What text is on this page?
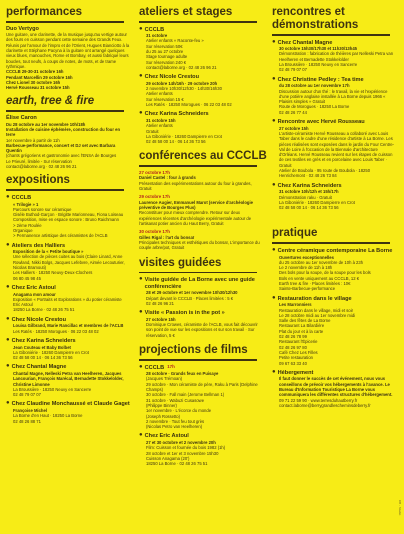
performances
Duo Vertygo
Une guitare, une clarinette, de la musique jusqu'au vertige autour des fours en cuisson pendant cette semaine des Grands Feux. Réunis par l'amour de l'impro et de l'Orient, Hugues Bianciotto à la clarinette et Stéphane Pacyna à la guitare ont arrangé quelques vieux blues, manouches, Rome et Bombay, et aussi fabriqué leurs boucles, tout neufs, à coups de notes, de mots, et de trame rythmique.
CCCLB 29-30-31 octobre 16h
Pendant Marcellin 29 octobre 16h
Chez Lionel 30 octobre 16h
Hervé Rousseau 31 octobre 15h
earth, tree & fire
Élise Caron
Du 28 octobre au 1er novembre 10h/18h
Installation de cuisine éphémère, construction du four en terre
1er novembre à partir de 11h
Barbecue-performance, concert et DJ set avec Barbara Quentin
(chants grégoriens et gastronomie avec l'ENSA de Bourges
Le Prieuré, limitée - Sur réservation
contact@laborne.org · 02 48 26 96 21
expositions
● CCCLB
« Trilogie » 1
Parcours sonore sur céramique
Gisèle Buthod-Garçon · Brigitte Marionneau, Fiona Loiseau
Composition, mise en espace sonore : Bruno Raichmann
> 2ème Roulée
Organique
> Permanence artistique des céramistes de l'ACLB
● Ateliers des Halliers
Exposition de la « Petite boutique »
Une sélection de pièces cuites au bois (Claire Linard, Anne Rowland, Nikki Bolgs, Jacques Lefebvre, Aimée Lecouturier, Nicolas Bramouti)
Les Halliers · 18250 Neuvy-Deux-Clochers
06 80 45 98 45
● Chez Eric Astoul
Anagama mon amour
Exposition « Portraits et Explorations » du potier céramiste Eric Astoul
18250 La Borne · 02 48 26 75 51
● Chez Nicole Crestou
Louisa Gilbrand, Marie Rancillac et membres de l'ACLB
Les Ratés · 18250 Morogues · 06 22 03 48 02
● Chez Karina Schneiders
Jean Couteau et Baby Bolbet
La Giboniérie · 18260 Dampierre en Crot
02 48 58 00 14 · 06 14 36 73 56
● Chez Chantal Magne
Chantal Magne, Nelleski Petra van Heelheren, Jacques Lancourian, François Marécal, Bernadette Stokkelolder, Christine Limonne
La Broussière · 18250 Neuvy en Sancerre
02 48 79 07 07
● Chez Claudine Monchaussé et Claude Gaget
Françoise Michel
La Borne d'en Haut · 18250 La Borne
02 48 26 88 71
ateliers et stages
● CCCLB
31 octobre
Atelier enfants « Raconte-feu »
Sur réservation 50€
du 25 au 27 octobre
Stage tournage adulte
Sur réservation 240 €
contact@laborne.org · 02 48 26 96 21
● Chez Nicole Crestou
29 octobre 14h/16h · 29 octobre 20h
2 novembre 10h30/12h30 · 14h30/16h30
Atelier enfants
Sur réservation 15 €
Les Ratés · 18250 Morogues · 06 22 03 48 02
● Chez Karina Schneiders
31 octobre 15h
Atelier enfants
Gratuit
La Giboniérie · 18260 Dampierre en Crot
02 48 58 00 14 · 06 14 36 73 56
conférences au CCCLB
27 octobre 17h
Daniel Castel : four à grands
Présentation des expérimentations autour du four à grandes, Gratuit
29 octobre 17h
Laurence Augier, Emmanuel Marot (service d'archéologie préventive de Bourges Plus)
Reconstituer pour mieux comprendre. Retour sur deux expériences récentes d'archéologie expérimentale autour de l'artisanat potier ancien du Haut Berry, Gratuit
30 octobre 17h
Gilles Rigal : l'art du bonsaï
Principales techniques et esthétiques du bonsaï, L'importance du couple arbre/pot, Gratuit
visites guidées
● Visite guidée de La Borne avec une guide conférencière
28 et 29 octobre et 1er novembre 10h30/12h30
Départ devant le CCCLB · Places limitées : 5 €
02 48 26 96 21
● Visite « Passion is in the pot »
27 octobre 15h
Dominique Crowes, céramiste de l'ACLB, vous fait découvrir son point de vue sur les expositions et sur son travail · Sur réservation, 5 €
projections de films
● CCCLB 17h
28 octobre · Grands feux en Puisaye
(Jacques Trémoan)
29 octobre · Mon céramiste de père, Raku à Paris (Delphine Champs)
30 octobre · Fall main (Jerome Bellman 1)
31 octobre · Wabuzi Cusasowe
(Philippe Binner)
1er novembre · L'écorce du monde
(Joseph Rossetto)
2 novembre · Tout feu tout grès
(Nicolas Petro van Heelheren)
● Chez Eric Astoul
27 et 30 octobre et 2 novembre 20h
Film: Cuisson et fournée du bois 1982 (1h)
28 octobre et 1er et 3 novembre 15h30
Cuisson Anagama (20')
18250 La Borne · 02 48 26 75 51
rencontres et démonstrations
● Chez Chantal Magne
30 octobre 15h30/17h30 et 11h30/13h45
Démonstration : fabrication de théières par Nelleski Petra van Heelheren et Bernadette Stokkelolder
La Broussière · 18250 Neuvy en Sancerre
02 48 79 07 07
● Chez Christine Pedley : Tea time
du 28 octobre au 1er novembre 17h
Discussion autour d'un thé : le travail, la vie et l'expérience d'une potière anglaise installée à La Borne depuis 1966 « Plaisirs simples » Gratuit
Route de Morogues · 18250 La Borne
02 48 26 77 44
● Rencontre avec Hervé Rousseau
27 octobre 15h
L'artiste-céramiste Hervé Rousseau a collaboré avec Louis Taber dans le cadre d'une résidence d'artiste à La Borne. Les pièces réalisées sont exposées dans le jardin du Four Centre-Val de Loire à l'occasion de la Biennale d'architecture d'Orléans. Hervé Rousseau revient sur les étapes de cuisson de ces textiles en grès et en porcelaine avec Louis Taber · Gratuit
Atelier de Boubola · 95 route de Boubola · 18250 Henrichemont · 02 48 26 73 84
● Chez Karina Schneiders
31 octobre 10h/12h et 15h/17h
Démonstration raku · Gratuit
La Giboniérie · 18260 Dampierre en Crot
02 48 58 00 14 · 06 14 36 73 56
pratique
● Centre céramique contemporaine La Borne
Ouvertures exceptionnelles
du 25 octobre au 1er novembre de 10h à 23h
Le 2 novembre de 11h à 18h
Des bols pour la soupe, de la soupe pour les bols
Bols en vente uniquement au CCCLB, 12 €
Earth tree & fire · Places limitées : 10€
Sainte-Barbecue-performance
● Restauration dans le village
Les Marronniers
Restauration dans le village, midi et soir
Le 28 octobre midi au 1er novembre midi
Salle des fêtes de La Borne
Restaurant La Bilardière
Plat du jour et à la carte
02 48 26 78 99
Restaurant l'Épicerie
02 48 26 97 80
Café Chez Les Filles
Petite restauration
09 67 63 33 40
● Hébergement
Il faut donner le succès de cet événement, nous vous conseillons de prévoir vos hébergements à l'avance. Le Bureau d'Information Touristique La Borne vous communiquera les différentes structures d'hébergement.
09 71 22 59 90 · www.terresduhautberry.fr
contact.laborne@berrygrandlescheminsdeberry.fr
CB - Studio
